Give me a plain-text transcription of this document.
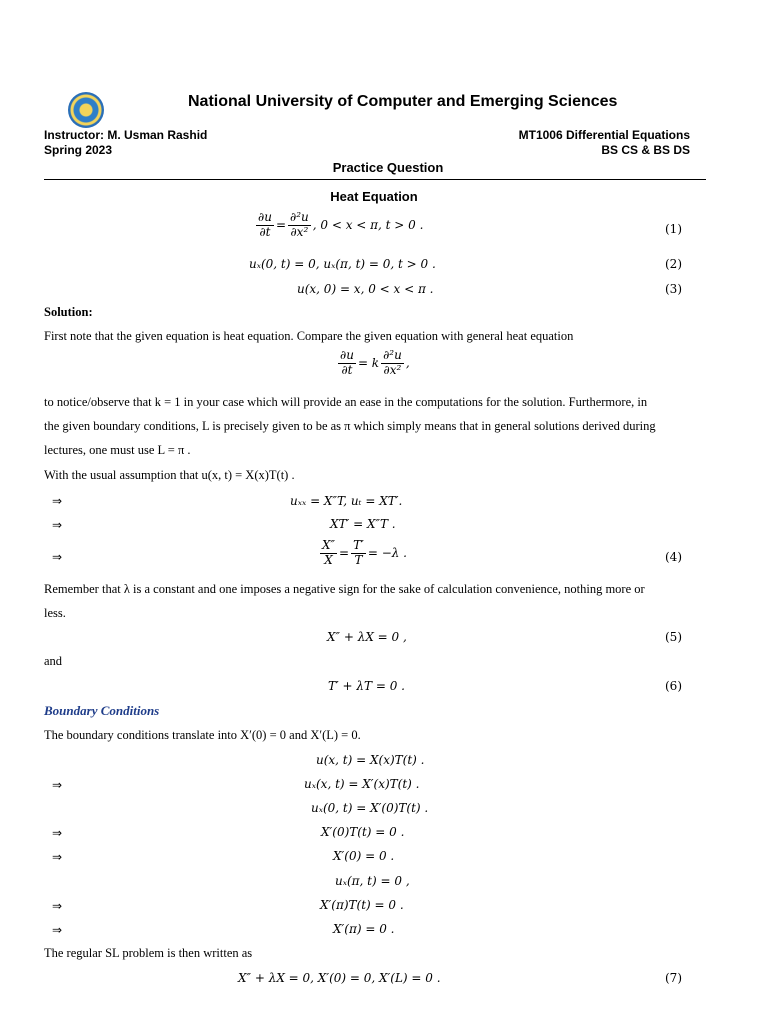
National University of Computer and Emerging Sciences
Instructor: M. Usman Rashid
Spring 2023
MT1006 Differential Equations
BS CS & BS DS
Practice Question
Heat Equation
$\frac{\partial u}{\partial t} = \frac{\text{∂²u}}{\text{∂x²}}$ , 0 < x < π, t > 0 .	(1)
uₓ(0, t) = 0, uₓ(π, t) = 0, t > 0 .	(2)
u(x, 0) = x, 0 < x < π .	(3)
Solution:
First note that the given equation is heat equation. Compare the given equation with general heat equation
$\frac{\partial u}{\partial t} = k \frac{\text{∂²u}}{\text{∂x²}}$ ,
to notice/observe that k = 1 in your case which will provide an ease in the computations for the solution. Furthermore, in
the given boundary conditions, L is precisely given to be as π which simply means that in general solutions derived during
lectures, one must use L = π .
With the usual assumption that u(x, t) = X(x)T(t) .
⇒	uₓₓ = X″T, uₜ = XT′.
⇒	XT′ = X″T .
⇒	$\frac{X''}{X} = \frac{T'}{T} = -\lambda$ .	(4)
Remember that λ is a constant and one imposes a negative sign for the sake of calculation convenience, nothing more or
less.
X″ + λX = 0 ,	(5)
and
T′ + λT = 0 .	(6)
Boundary Conditions
The boundary conditions translate into X′(0) = 0 and X′(L) = 0.
u(x, t) = X(x)T(t) .
⇒	uₓ(x, t) = X′(x)T(t) .
uₓ(0, t) = X′(0)T(t) .
⇒	X′(0)T(t) = 0 .
⇒	X′(0) = 0 .
uₓ(π, t) = 0 ,
⇒	X′(π)T(t) = 0 .
⇒	X′(π) = 0 .
The regular SL problem is then written as
X″ + λX = 0, X′(0) = 0, X′(L) = 0 .	(7)
